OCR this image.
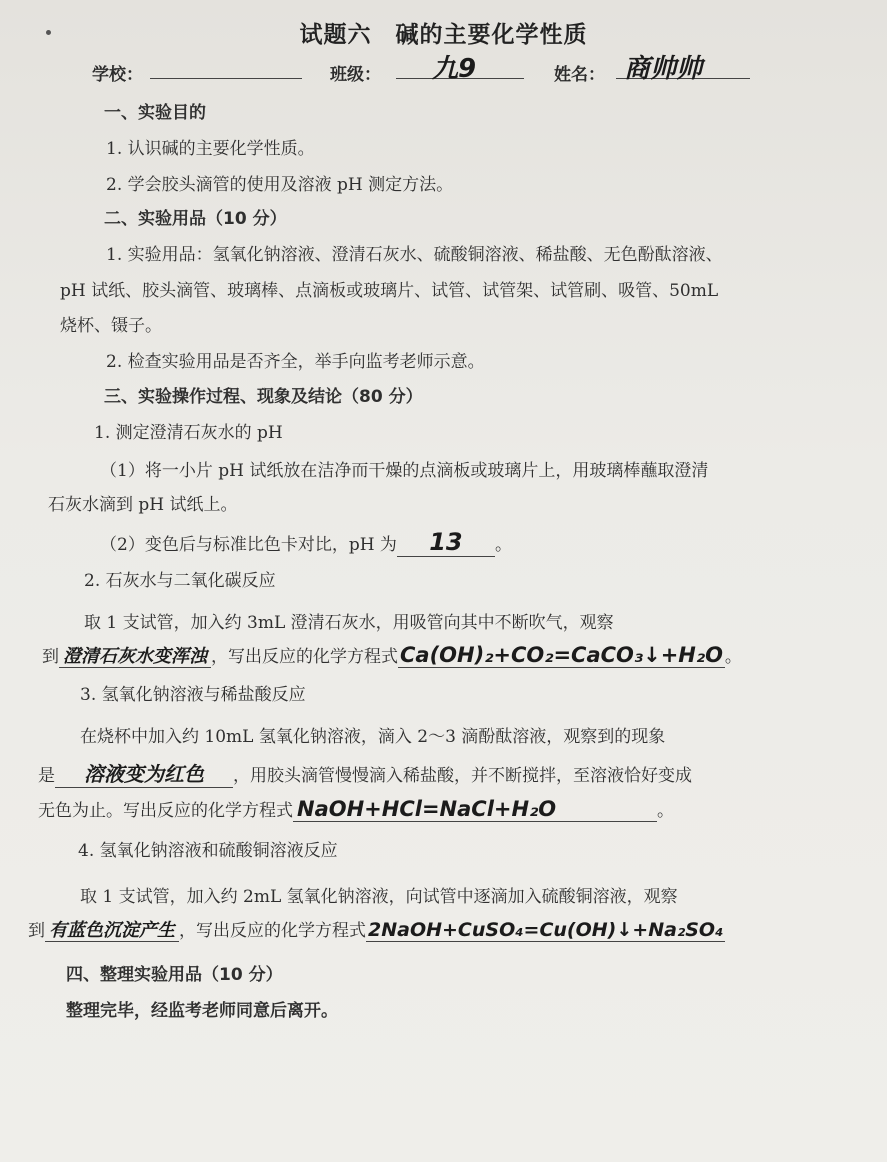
试题六　碱的主要化学性质
学校：	班级： 九9	姓名： 商帅帅
一、实验目的
1. 认识碱的主要化学性质。
2. 学会胶头滴管的使用及溶液 pH 测定方法。
二、实验用品（10 分）
1. 实验用品：氢氧化钠溶液、澄清石灰水、硫酸铜溶液、稀盐酸、无色酚酞溶液、
pH 试纸、胶头滴管、玻璃棒、点滴板或玻璃片、试管、试管架、试管刷、吸管、50mL
烧杯、镊子。
2. 检查实验用品是否齐全，举手向监考老师示意。
三、实验操作过程、现象及结论（80 分）
1. 测定澄清石灰水的 pH
（1）将一小片 pH 试纸放在洁净而干燥的点滴板或玻璃片上，用玻璃棒蘸取澄清
石灰水滴到 pH 试纸上。
（2）变色后与标准比色卡对比，pH 为 13 。
2. 石灰水与二氧化碳反应
取 1 支试管，加入约 3mL 澄清石灰水，用吸管向其中不断吹气，观察
到 澄清石灰水变浑浊 ，写出反应的化学方程式Ca(OH)₂+CO₂=CaCO₃↓+H₂O 。
3. 氢氧化钠溶液与稀盐酸反应
在烧杯中加入约 10mL 氢氧化钠溶液，滴入 2～3 滴酚酞溶液，观察到的现象
是 溶液变为红色 ，用胶头滴管慢慢滴入稀盐酸，并不断搅拌，至溶液恰好变成
无色为止。写出反应的化学方程式 NaOH+HCl=NaCl+H₂O	。
4. 氢氧化钠溶液和硫酸铜溶液反应
取 1 支试管，加入约 2mL 氢氧化钠溶液，向试管中逐滴加入硫酸铜溶液，观察
到 有蓝色沉淀产生 ，写出反应的化学方程式 2NaOH+CuSO₄=Cu(OH)↓+Na₂SO₄
四、整理实验用品（10 分）
整理完毕，经监考老师同意后离开。
